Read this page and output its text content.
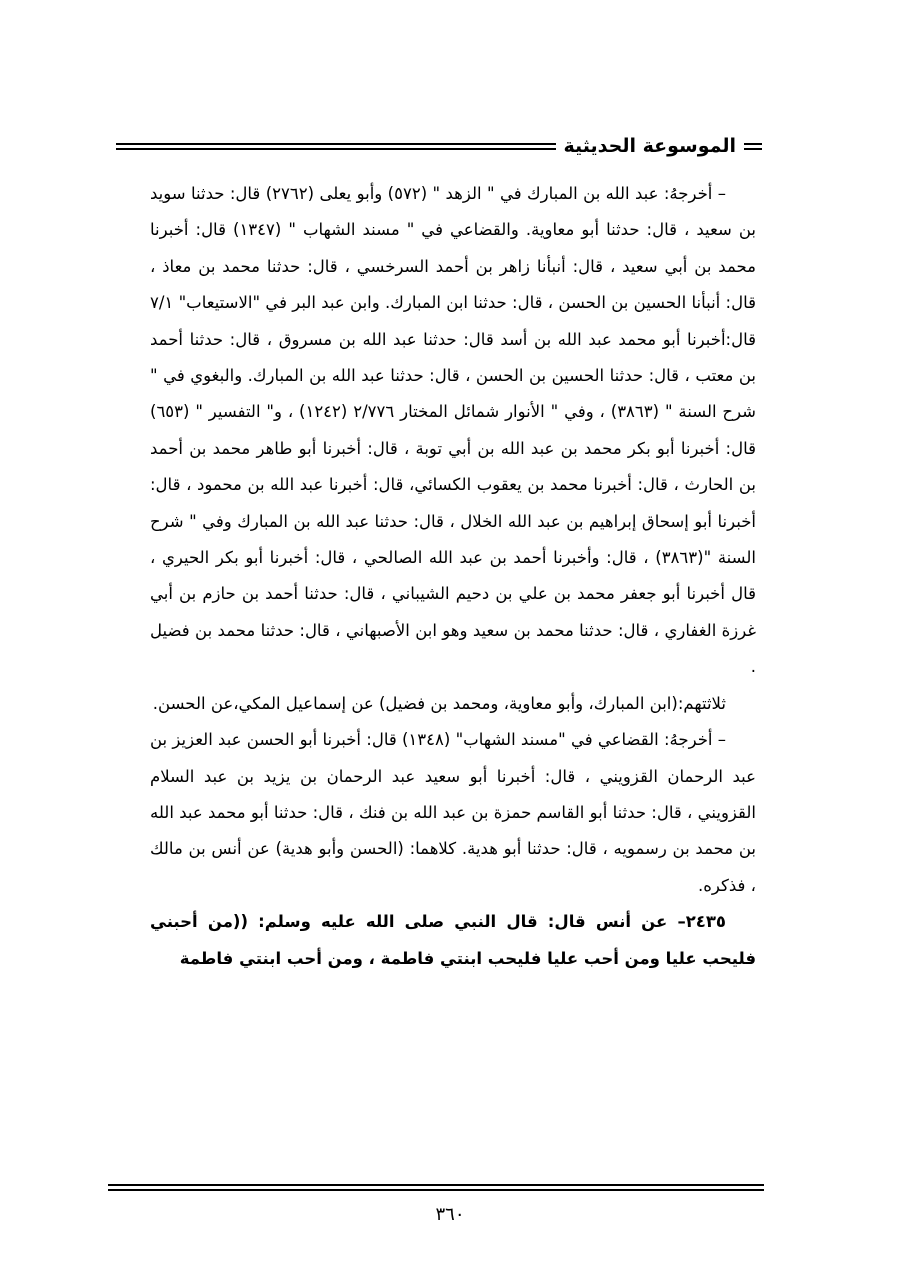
الموسوعة الحديثية

– أخرجهُ: عبد الله بن المبارك في " الزهد " (٥٧٢) وأبو يعلى (٢٧٦٢) قال: حدثنا سويد بن سعيد ، قال: حدثنا أبو معاوية. والقضاعي في " مسند الشهاب " (١٣٤٧) قال: أخبرنا محمد بن أبي سعيد ، قال: أنبأنا زاهر بن أحمد السرخسي ، قال: حدثنا محمد بن معاذ ، قال: أنبأنا الحسين بن الحسن ، قال: حدثنا ابن المبارك. وابن عبد البر في "الاستيعاب" ٧/١ قال:أخبرنا أبو محمد عبد الله بن أسد قال: حدثنا عبد الله بن مسروق ، قال: حدثنا أحمد بن معتب ، قال: حدثنا الحسين بن الحسن ، قال: حدثنا عبد الله بن المبارك. والبغوي في " شرح السنة " (٣٨٦٣) ، وفي " الأنوار شمائل المختار ٢/٧٧٦ (١٢٤٢) ، و" التفسير " (٦٥٣) قال: أخبرنا أبو بكر محمد بن عبد الله بن أبي توبة ، قال: أخبرنا أبو طاهر محمد بن أحمد بن الحارث ، قال: أخبرنا محمد بن يعقوب الكسائي، قال: أخبرنا عبد الله بن محمود ، قال: أخبرنا أبو إسحاق إبراهيم بن عبد الله الخلال ، قال: حدثنا عبد الله بن المبارك وفي " شرح السنة "(٣٨٦٣) ، قال: وأخبرنا أحمد بن عبد الله الصالحي ، قال: أخبرنا أبو بكر الحيري ، قال أخبرنا أبو جعفر محمد بن علي بن دحيم الشيباني ، قال: حدثنا أحمد بن حازم بن أبي غرزة الغفاري ، قال: حدثنا محمد بن سعيد وهو ابن الأصبهاني ، قال: حدثنا محمد بن فضيل .

ثلاثتهم:(ابن المبارك، وأبو معاوية، ومحمد بن فضيل) عن إسماعيل المكي،عن الحسن.

– أخرجهُ: القضاعي في "مسند الشهاب" (١٣٤٨) قال: أخبرنا أبو الحسن عبد العزيز بن عبد الرحمان القزويني ، قال: أخبرنا أبو سعيد عبد الرحمان بن يزيد بن عبد السلام القزويني ، قال: حدثنا أبو القاسم حمزة بن عبد الله بن فنك ، قال: حدثنا أبو محمد عبد الله بن محمد بن رسمويه ، قال: حدثنا أبو هدية. كلاهما: (الحسن وأبو هدية) عن أنس بن مالك ، فذكره.

٢٤٣٥– عن أنس قال: قال النبي صلى الله عليه وسلم: ((من أحبني فليحب عليا ومن أحب عليا فليحب ابنتي فاطمة ، ومن أحب ابنتي فاطمة

٣٦٠
